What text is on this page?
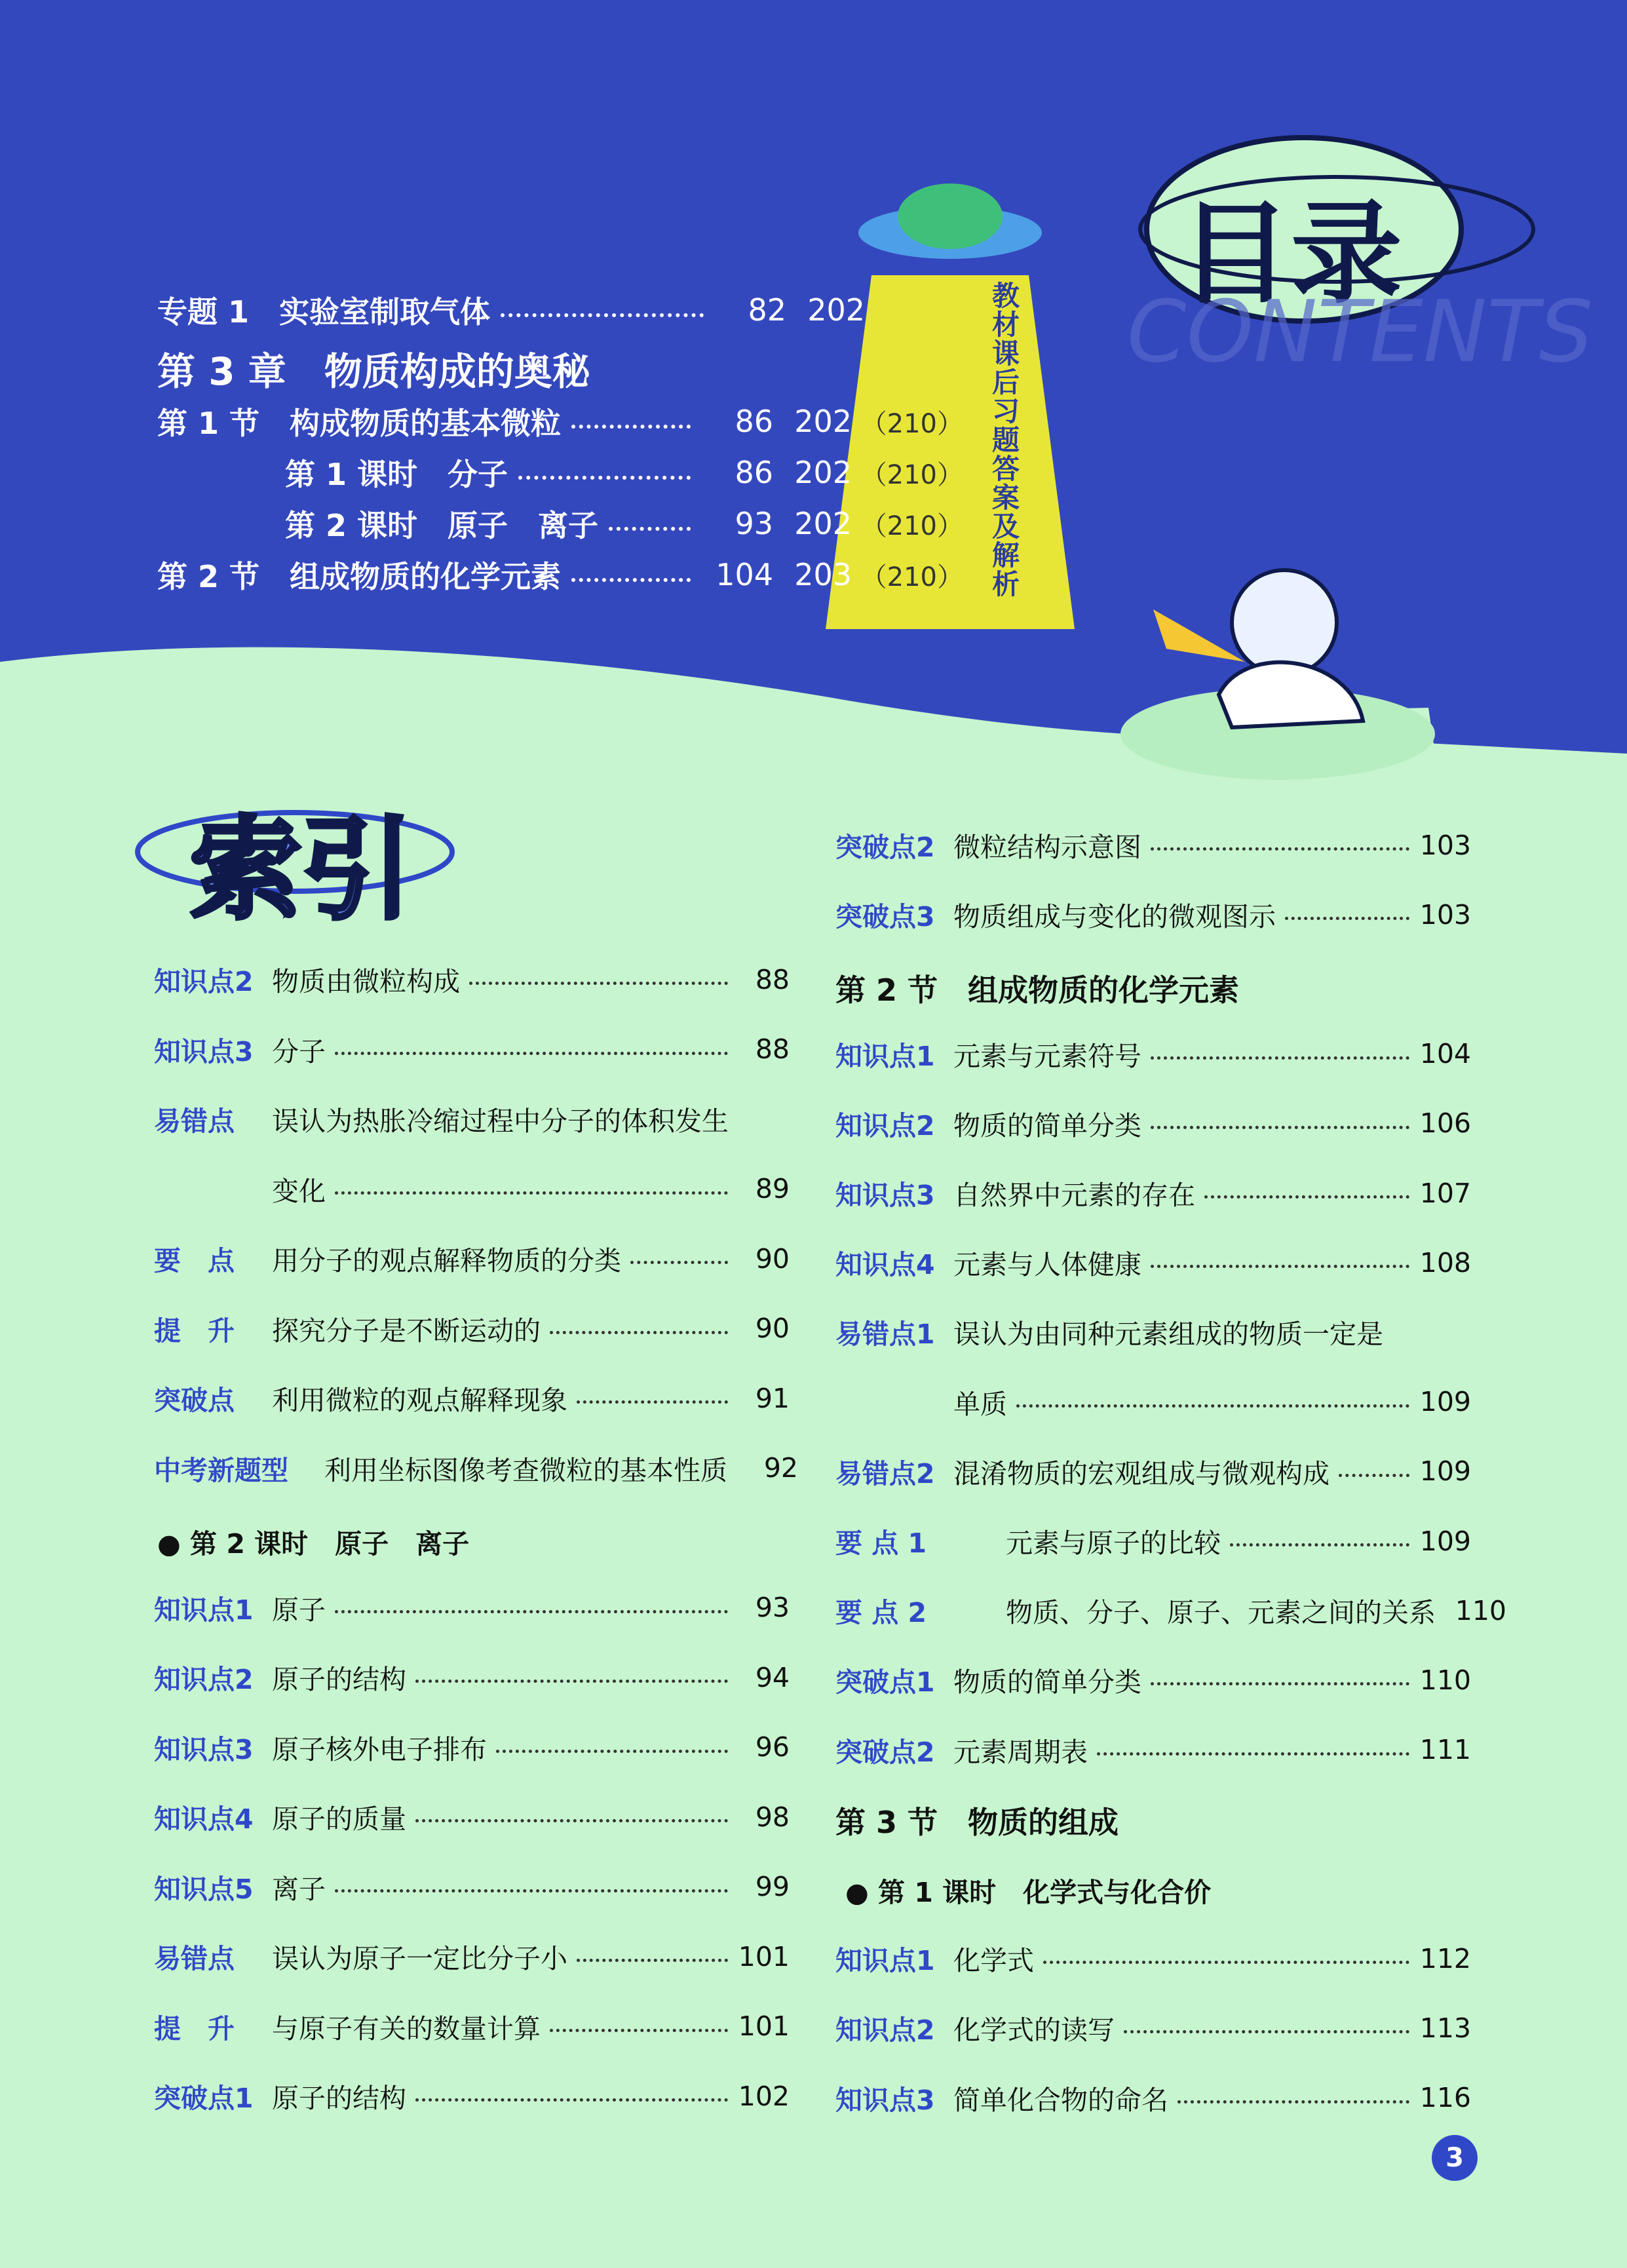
目录
CONTENTS
教材课后习题答案及解析
专题 1　实验室制取气体	82 202
第 3 章　物质构成的奥秘
第 1 节　构成物质的基本微粒	86 202 （210）
第 1 课时　分子	86 202 （210）
第 2 课时　原子　离子	93 202 （210）
第 2 节　组成物质的化学元素	104 203 （210）
索引
知识点2 物质由微粒构成	88
知识点3 分子	88
易错点	误认为热胀冷缩过程中分子的体积发生
变化	89
要　点	用分子的观点解释物质的分类	90
提　升	探究分子是不断运动的	90
突破点	利用微粒的观点解释现象	91
中考新题型	利用坐标图像考查微粒的基本性质	92
知识点1 原子	93
知识点2 原子的结构	94
知识点3 原子核外电子排布	96
知识点4 原子的质量	98
知识点5 离子	99
易错点	误认为原子一定比分子小	101
提　升	与原子有关的数量计算	101
突破点1 原子的结构	102
● 第 2 课时　原子　离子
突破点2 微粒结构示意图	103
突破点3 物质组成与变化的微观图示	103
知识点1 元素与元素符号	104
知识点2 物质的简单分类	106
知识点3 自然界中元素的存在	107
知识点4 元素与人体健康	108
易错点1 误认为由同种元素组成的物质一定是
单质	109
易错点2 混淆物质的宏观组成与微观构成	109
要 点 1	元素与原子的比较	109
要 点 2	物质、分子、原子、元素之间的关系 110
突破点1 物质的简单分类	110
突破点2 元素周期表	111
知识点1 化学式	112
知识点2 化学式的读写	113
知识点3 简单化合物的命名	116
第 2 节　组成物质的化学元素
第 3 节　物质的组成
● 第 1 课时　化学式与化合价
3
